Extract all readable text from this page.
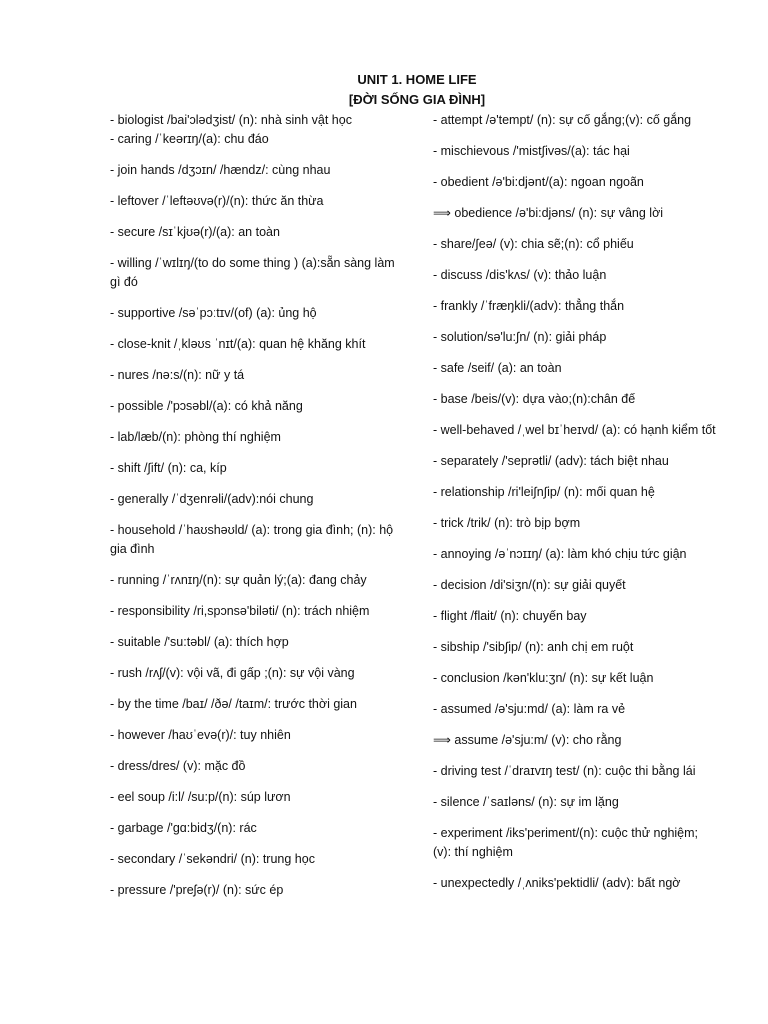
UNIT 1. HOME LIFE
[ĐỜI SỐNG GIA ĐÌNH]
- biologist /bai'ɔlədʒist/ (n): nhà sinh vật học
- caring /ˈkeərɪŋ/(a): chu đáo
- join hands /dʒɔɪn/ /hændz/: cùng nhau
- leftover /ˈleftəʊvə(r)/(n): thức ăn thừa
- secure /sɪˈkjʊə(r)/(a): an toàn
- willing /ˈwɪlɪŋ/(to do some thing ) (a):sẵn sàng làm gì đó
- supportive /səˈpɔːtɪv/(of) (a): ủng hộ
- close-knit /ˌkləʊs ˈnɪt/(a): quan hệ khăng khít
- nures /nə:s/(n): nữ y tá
- possible /'pɔsəbl/(a): có khả năng
- lab/læb/(n): phòng thí nghiệm
- shift /∫ift/ (n): ca, kíp
- generally /ˈdʒenrəli/(adv):nói chung
- household /ˈhaʊshəʊld/ (a): trong gia đình; (n): hộ gia đình
- running /ˈrʌnɪŋ/(n): sự quản lý;(a): đang chảy
- responsibility /ri,spɔnsə'biləti/ (n): trách nhiệm
- suitable /'su:təbl/ (a): thích hợp
- rush /rʌʃ/(v): vội vã, đi gấp ;(n): sự vội vàng
- by the time /baɪ/ /ðə/ /taɪm/: trước thời gian
- however /haʊˈevə(r)/: tuy nhiên
- dress/dres/ (v): mặc đồ
- eel soup /i:l/ /su:p/(n): súp lươn
- garbage /'gɑ:bidʒ/(n): rác
- secondary /ˈsekəndri/ (n): trung học
- pressure /'preʃə(r)/ (n): sức ép
- attempt /ə'tempt/ (n): sự cố gắng;(v): cố gắng
- mischievous /'mist∫ivəs/(a): tác hại
- obedient /ə'bi:djənt/(a): ngoan ngoãn
⟹ obedience /ə'bi:djəns/ (n): sự vâng lời
- share/∫eə/ (v): chia sẽ;(n): cổ phiếu
- discuss /dis'kʌs/ (v): thảo luận
- frankly /ˈfræŋkli/(adv): thẳng thắn
- solution/sə'lu:∫n/ (n): giải pháp
- safe /seif/ (a): an toàn
- base /beis/(v): dựa vào;(n):chân đế
- well-behaved /ˌwel bɪˈheɪvd/ (a): có hạnh kiểm tốt
- separately /'seprətli/ (adv): tách biệt nhau
- relationship /ri'lei∫n∫ip/ (n): mối quan hệ
- trick /trik/ (n): trò bịp bợm
- annoying /əˈnɔɪɪŋ/ (a): làm khó chịu tức giận
- decision /di'siʒn/(n): sự giải quyết
- flight /flait/ (n): chuyến bay
- sibship /'sib∫ip/ (n): anh chị em ruột
- conclusion /kən'klu:ʒn/ (n): sự kết luận
- assumed /ə'sju:md/ (a): làm ra vẻ
⟹ assume /ə'sju:m/ (v): cho rằng
- driving test /ˈdraɪvɪŋ test/ (n): cuộc thi bằng lái
- silence /ˈsaɪləns/ (n): sự im lặng
- experiment /iks'periment/(n): cuộc thử nghiệm; (v): thí nghiệm
- unexpectedly /ˌʌniks'pektidli/ (adv): bất ngờ
